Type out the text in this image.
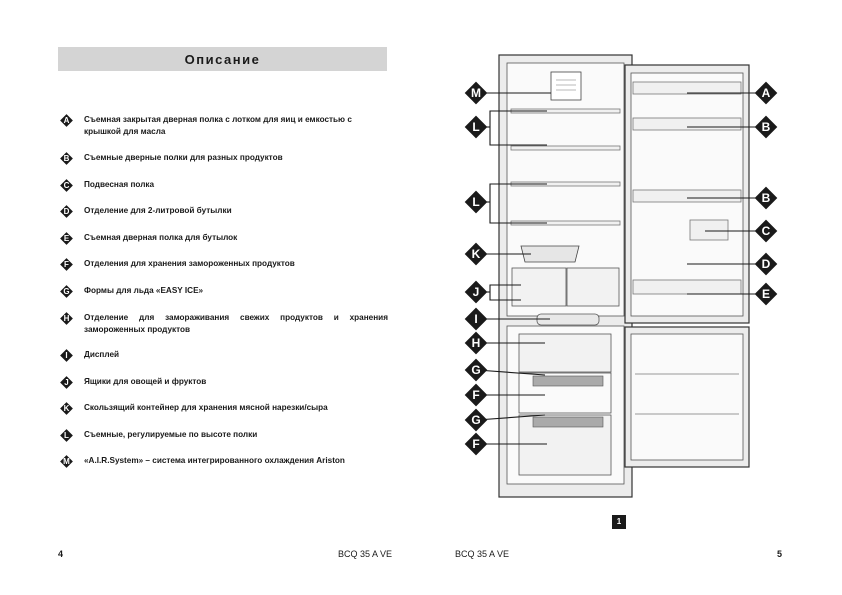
Описание
A	Съемная закрытая дверная полка с лотком для яиц и емкостью с крышкой для масла
B	Съемные дверные полки для разных продуктов
C	Подвесная полка
D	Отделение для 2-литровой бутылки
E	Съемная дверная полка для бутылок
F	Отделения для хранения замороженных продуктов
G	Формы для льда «EASY ICE»
H	Отделение для замораживания свежих продуктов и хранения замороженных продуктов
I	Дисплей
J	Ящики для овощей и фруктов
K	Скользящий контейнер для хранения мясной нарезки/сыра
L	Съемные, регулируемые по высоте полки
M	«A.I.R.System» – система интегрированного охлаждения Ariston
4	BCQ 35 A VE	BCQ 35 A VE	5
1
M
L
L
K
J
I
H
G
F
G
F
A
B
B
C
D
E
